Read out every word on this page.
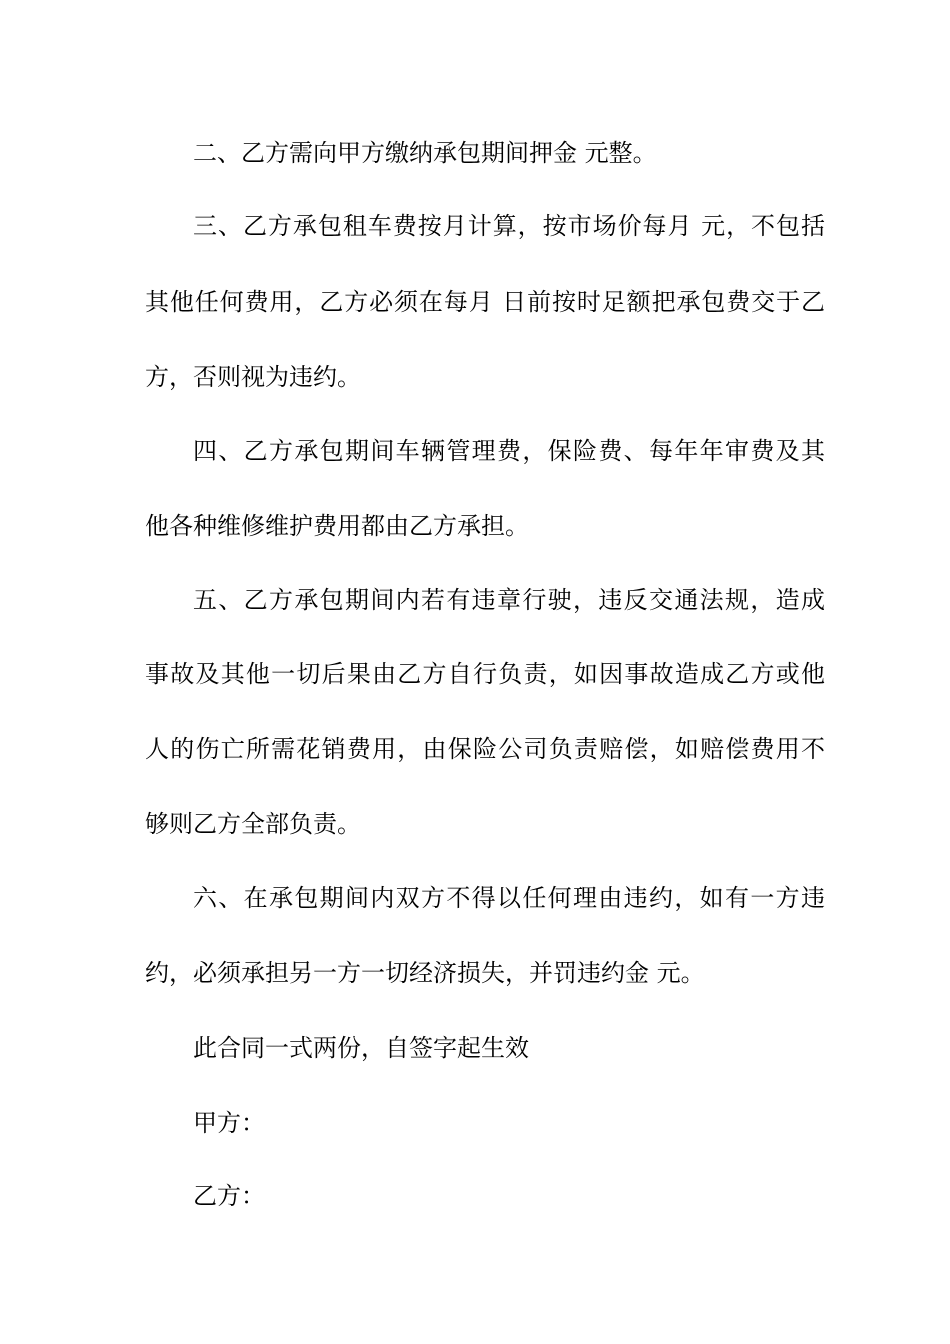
二、乙方需向甲方缴纳承包期间押金 元整。
三、乙方承包租车费按月计算，按市场价每月 元，不包括
其他任何费用，乙方必须在每月 日前按时足额把承包费交于乙
方，否则视为违约。
四、乙方承包期间车辆管理费，保险费、每年年审费及其
他各种维修维护费用都由乙方承担。
五、乙方承包期间内若有违章行驶，违反交通法规，造成
事故及其他一切后果由乙方自行负责，如因事故造成乙方或他
人的伤亡所需花销费用，由保险公司负责赔偿，如赔偿费用不
够则乙方全部负责。
六、在承包期间内双方不得以任何理由违约，如有一方违
约，必须承担另一方一切经济损失，并罚违约金 元。
此合同一式两份，自签字起生效
甲方：
乙方：
